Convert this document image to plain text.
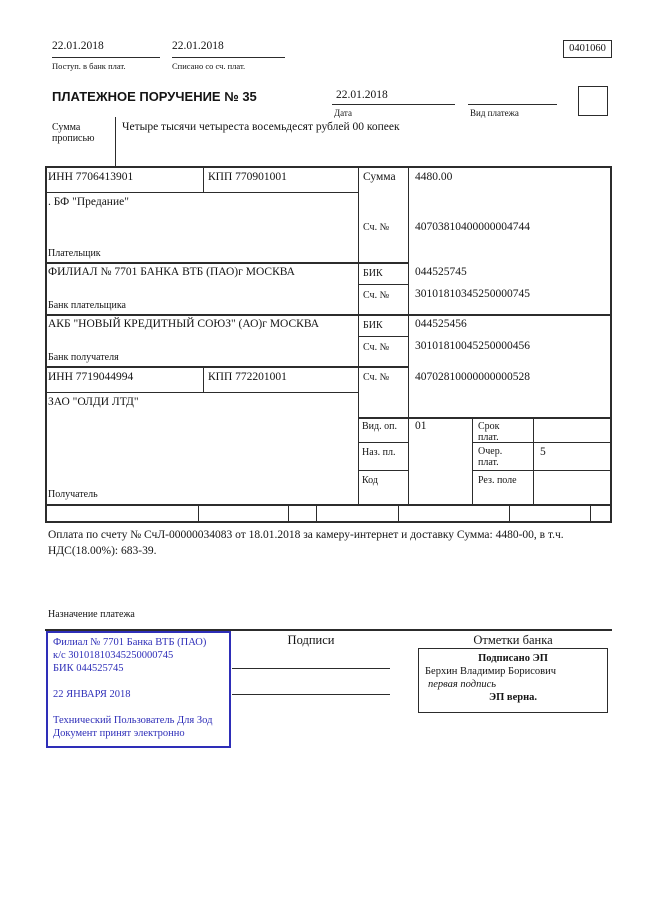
22.01.2018
Поступ. в банк плат.
22.01.2018
Списано со сч. плат.
0401060
ПЛАТЕЖНОЕ ПОРУЧЕНИЕ № 35	22.01.2018
Дата	Вид платежа
Сумма прописью
Четыре тысячи четыреста восемьдесят рублей 00 копеек
ИНН 7706413901	КПП 770901001	Сумма 4480.00
. БФ "Предание"
Плательщик
Сч. № 40703810400000004744
ФИЛИАЛ № 7701 БАНКА ВТБ (ПАО)г МОСКВА	БИК	044525745
Сч. № 30101810345250000745
Банк плательщика
АКБ "НОВЫЙ КРЕДИТНЫЙ СОЮЗ" (АО)г МОСКВА	БИК	044525456
Сч. № 30101810045250000456
Банк получателя
ИНН 7719044994	КПП 772201001	Сч. № 40702810000000000528
ЗАО "ОЛДИ ЛТД"
Получатель
Вид. оп. 01	Срок плат.
Наз. пл.	Очер. плат.
5
Код	Рез. поле
Оплата по счету № СчЛ-00000034083 от 18.01.2018 за камеру-интернет и доставку Сумма: 4480-00, в т.ч. НДС(18.00%): 683-39.
Назначение платежа
Филиал № 7701 Банка ВТБ (ПАО)
к/с 30101810345250000745
БИК 044525745
22 ЯНВАРЯ 2018
Технический Пользователь Для Зод
Документ принят электронно
Подписи	Отметки банка
Подписано ЭП
Берхин Владимир Борисович
первая подпись
ЭП верна.
